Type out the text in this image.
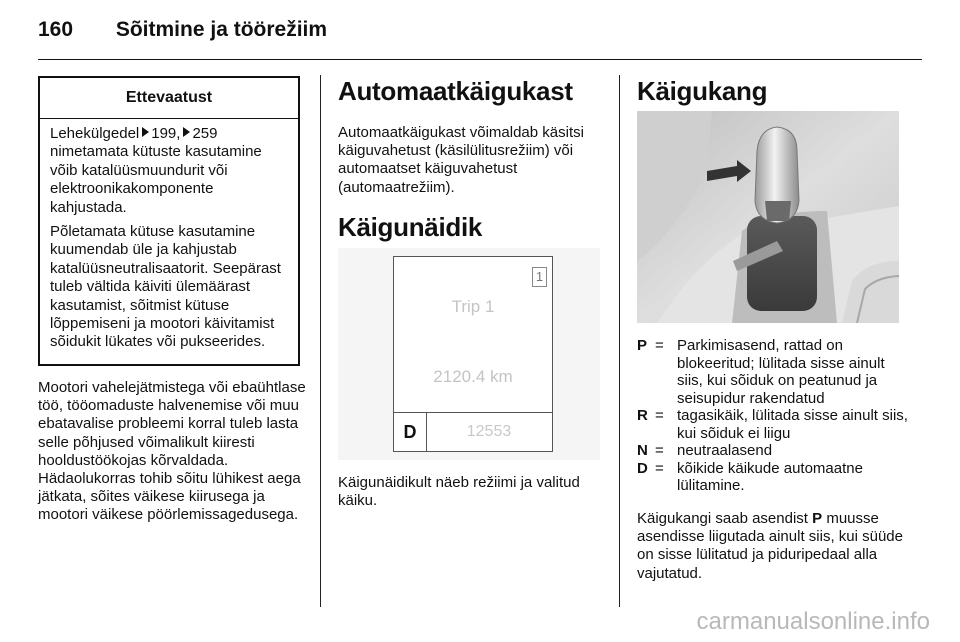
160 Sõitmine ja töörežiim
Ettevaatust

Lehekülgedel 199, 259
nimetamata kütuste kasutamine võib katalüüsmuundurit või elektroonikakomponente kahjustada.

Põletamata kütuse kasutamine kuumendab üle ja kahjustab katalüüsneutralisaatorit. Seepärast tuleb vältida käiviti ülemäärast kasutamist, sõitmist kütuse lõppemiseni ja mootori käivitamist sõidukit lükates või pukseerides.

Mootori vahelejätmistega või ebaühtlase töö, tööomaduste halvenemise või muu ebatavalise probleemi korral tuleb lasta selle põhjused võimalikult kiiresti hooldustöökojas kõrvaldada. Hädaolukorras tohib sõitu lühikest aega jätkata, sõites väikese kiirusega ja mootori väikese pöörlemissagedusega.

Automaatkäigukast

Automaatkäigukast võimaldab käsitsi käiguvahetust (käsilülitusrežiim) või automaatset käiguvahetust (automaatrežiim).

Käigunäidik
1
Trip 1
2120.4 km
D	12553

Käigunäidikult näeb režiimi ja valitud käiku.

Käigukang
P = Parkimisasend, rattad on blokeeritud; lülitada sisse ainult siis, kui sõiduk on peatunud ja seisupidur rakendatud
R = tagasikäik, lülitada sisse ainult siis, kui sõiduk ei liigu
N = neutraalasend
D = kõikide käikude automaatne lülitamine.

Käigukangi saab asendist P muusse asendisse liigutada ainult siis, kui süüde on sisse lülitatud ja piduripedaal alla vajutatud.

carmanualsonline.info
